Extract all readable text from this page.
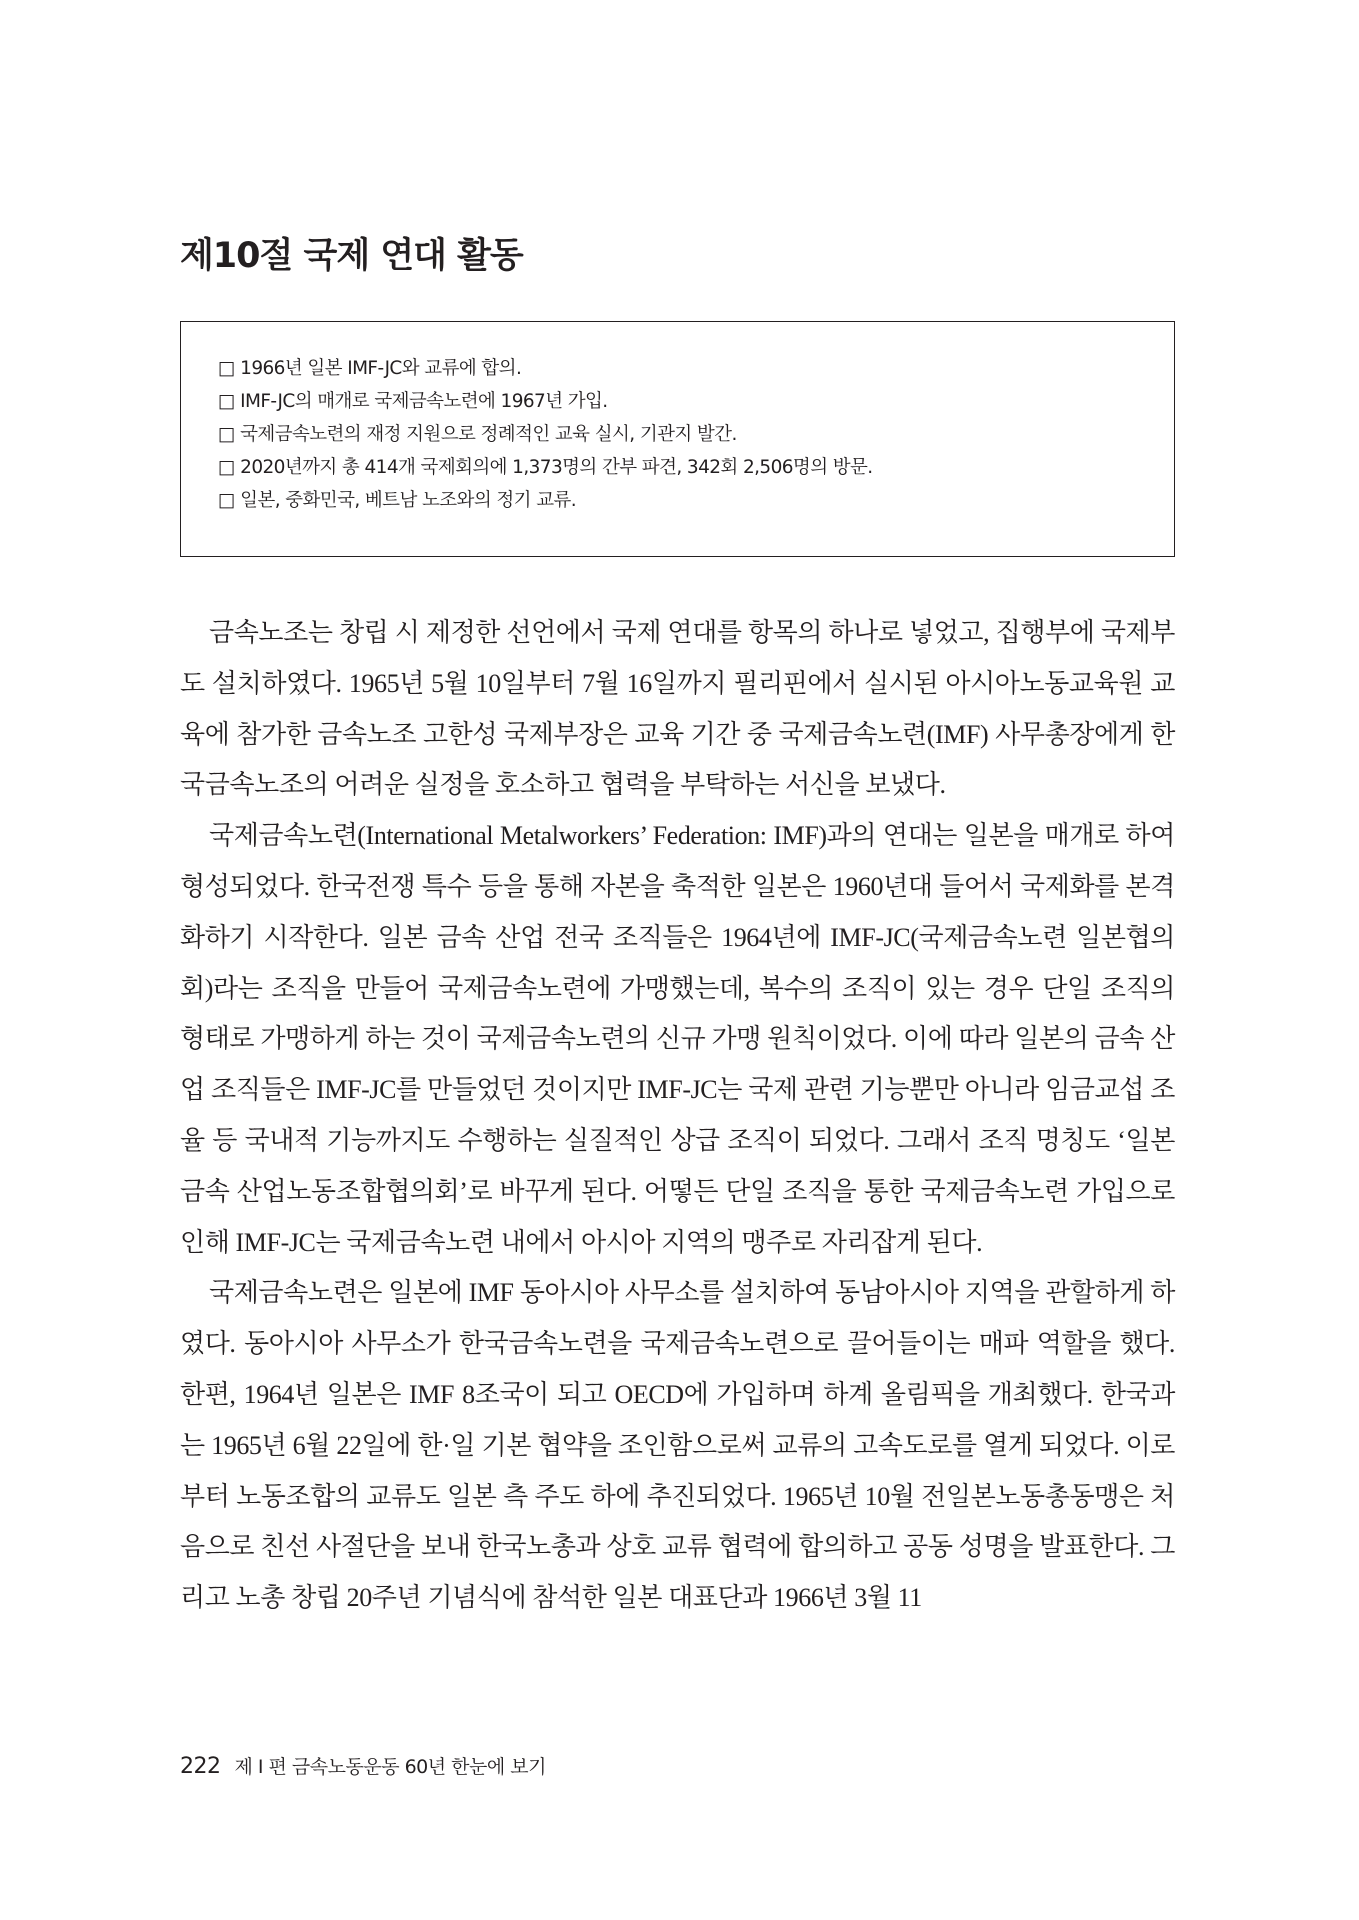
제10절 국제 연대 활동
□ 1966년 일본 IMF-JC와 교류에 합의.
□ IMF-JC의 매개로 국제금속노련에 1967년 가입.
□ 국제금속노련의 재정 지원으로 정례적인 교육 실시, 기관지 발간.
□ 2020년까지 총 414개 국제회의에 1,373명의 간부 파견, 342회 2,506명의 방문.
□ 일본, 중화민국, 베트남 노조와의 정기 교류.

금속노조는 창립 시 제정한 선언에서 국제 연대를 항목의 하나로 넣었고, 집행부에 국제부도 설치하였다. 1965년 5월 10일부터 7월 16일까지 필리핀에서 실시된 아시아노동교육원 교육에 참가한 금속노조 고한성 국제부장은 교육 기간 중 국제금속노련(IMF) 사무총장에게 한국금속노조의 어려운 실정을 호소하고 협력을 부탁하는 서신을 보냈다.

국제금속노련(International Metalworkers’ Federation: IMF)과의 연대는 일본을 매개로 하여 형성되었다. 한국전쟁 특수 등을 통해 자본을 축적한 일본은 1960년대 들어서 국제화를 본격화하기 시작한다. 일본 금속 산업 전국 조직들은 1964년에 IMF-JC(국제금속노련 일본협의회)라는 조직을 만들어 국제금속노련에 가맹했는데, 복수의 조직이 있는 경우 단일 조직의 형태로 가맹하게 하는 것이 국제금속노련의 신규 가맹 원칙이었다. 이에 따라 일본의 금속 산업 조직들은 IMF-JC를 만들었던 것이지만 IMF-JC는 국제 관련 기능뿐만 아니라 임금교섭 조율 등 국내적 기능까지도 수행하는 실질적인 상급 조직이 되었다. 그래서 조직 명칭도 ‘일본 금속 산업노동조합협의회’로 바꾸게 된다. 어떻든 단일 조직을 통한 국제금속노련 가입으로 인해 IMF-JC는 국제금속노련 내에서 아시아 지역의 맹주로 자리잡게 된다.

국제금속노련은 일본에 IMF 동아시아 사무소를 설치하여 동남아시아 지역을 관할하게 하였다. 동아시아 사무소가 한국금속노련을 국제금속노련으로 끌어들이는 매파 역할을 했다. 한편, 1964년 일본은 IMF 8조국이 되고 OECD에 가입하며 하계 올림픽을 개최했다. 한국과는 1965년 6월 22일에 한·일 기본 협약을 조인함으로써 교류의 고속도로를 열게 되었다. 이로부터 노동조합의 교류도 일본 측 주도 하에 추진되었다. 1965년 10월 전일본노동총동맹은 처음으로 친선 사절단을 보내 한국노총과 상호 교류 협력에 합의하고 공동 성명을 발표한다. 그리고 노총 창립 20주년 기념식에 참석한 일본 대표단과 1966년 3월 11

222 제 I 편 금속노동운동 60년 한눈에 보기
